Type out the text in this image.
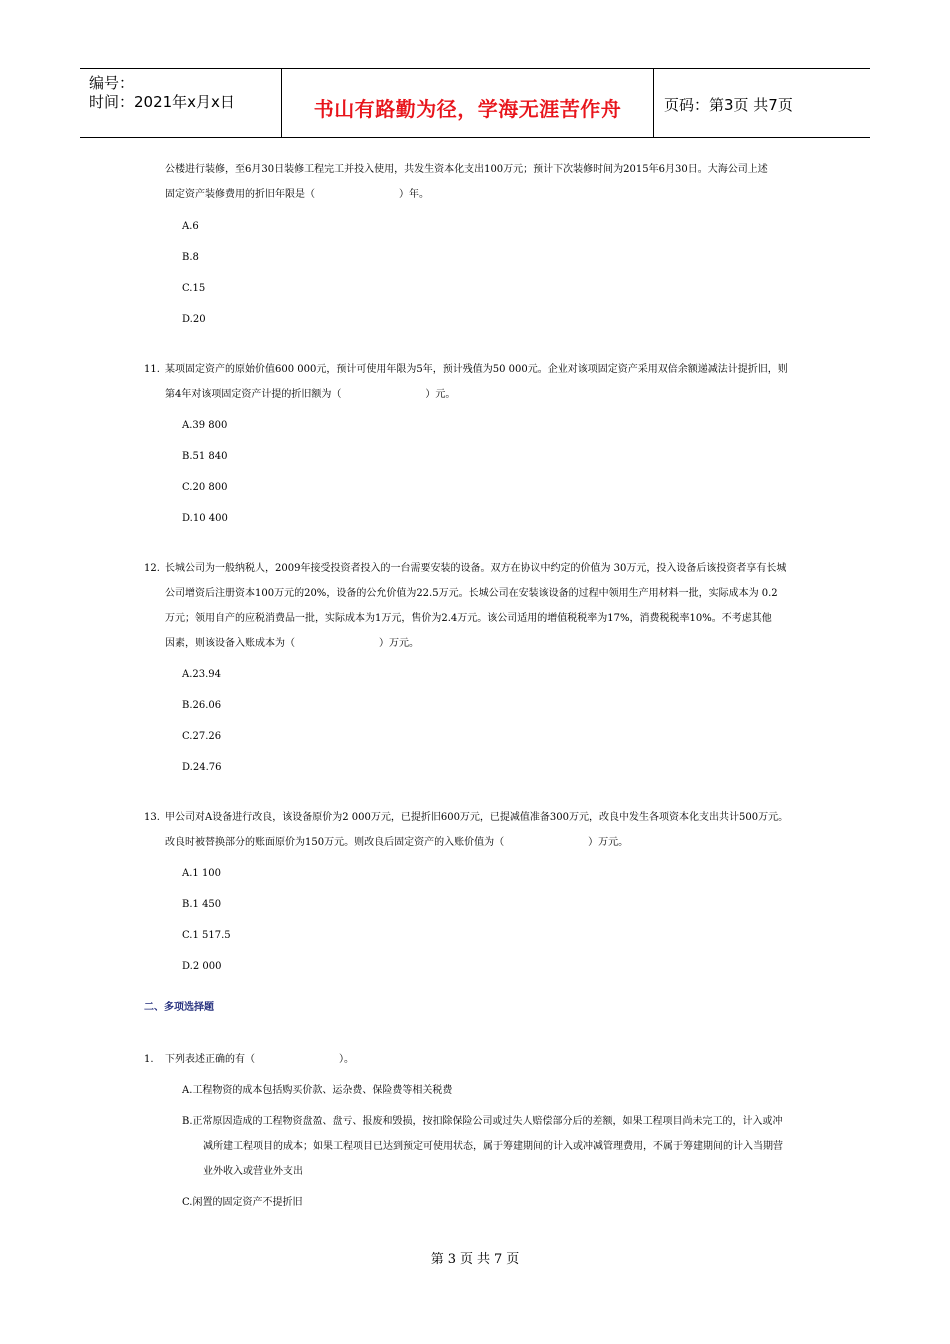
编号：
时间：2021年x月x日	书山有路勤为径，学海无涯苦作舟	页码：第3页 共7页
公楼进行装修，至6月30日装修工程完工并投入使用，共发生资本化支出100万元；预计下次装修时间为2015年6月30日。大海公司上述
固定资产装修费用的折旧年限是（	）年。
A.6
B.8
C.15
D.20
11. 某项固定资产的原始价值600 000元，预计可使用年限为5年，预计残值为50 000元。企业对该项固定资产采用双倍余额递减法计提折旧，则
第4年对该项固定资产计提的折旧额为（	）元。
A.39 800
B.51 840
C.20 800
D.10 400
12. 长城公司为一般纳税人，2009年接受投资者投入的一台需要安装的设备。双方在协议中约定的价值为 30万元，投入设备后该投资者享有长城
公司增资后注册资本100万元的20%，设备的公允价值为22.5万元。长城公司在安装该设备的过程中领用生产用材料一批，实际成本为 0.2
万元；领用自产的应税消费品一批，实际成本为1万元，售价为2.4万元。该公司适用的增值税税率为17%，消费税税率10%。不考虑其他
因素，则该设备入账成本为（	）万元。
A.23.94
B.26.06
C.27.26
D.24.76
13. 甲公司对A设备进行改良，该设备原价为2 000万元，已提折旧600万元，已提减值准备300万元，改良中发生各项资本化支出共计500万元。
改良时被替换部分的账面原价为150万元。则改良后固定资产的入账价值为（	）万元。
A.1 100
B.1 450
C.1 517.5
D.2 000
二、多项选择题
1. 下列表述正确的有（	）。
A.工程物资的成本包括购买价款、运杂费、保险费等相关税费
B.正常原因造成的工程物资盘盈、盘亏、报废和毁损，按扣除保险公司或过失人赔偿部分后的差额，如果工程项目尚未完工的，计入或冲
减所建工程项目的成本；如果工程项目已达到预定可使用状态，属于筹建期间的计入或冲减管理费用，不属于筹建期间的计入当期营
业外收入或营业外支出
C.闲置的固定资产不提折旧
第 3 页 共 7 页
